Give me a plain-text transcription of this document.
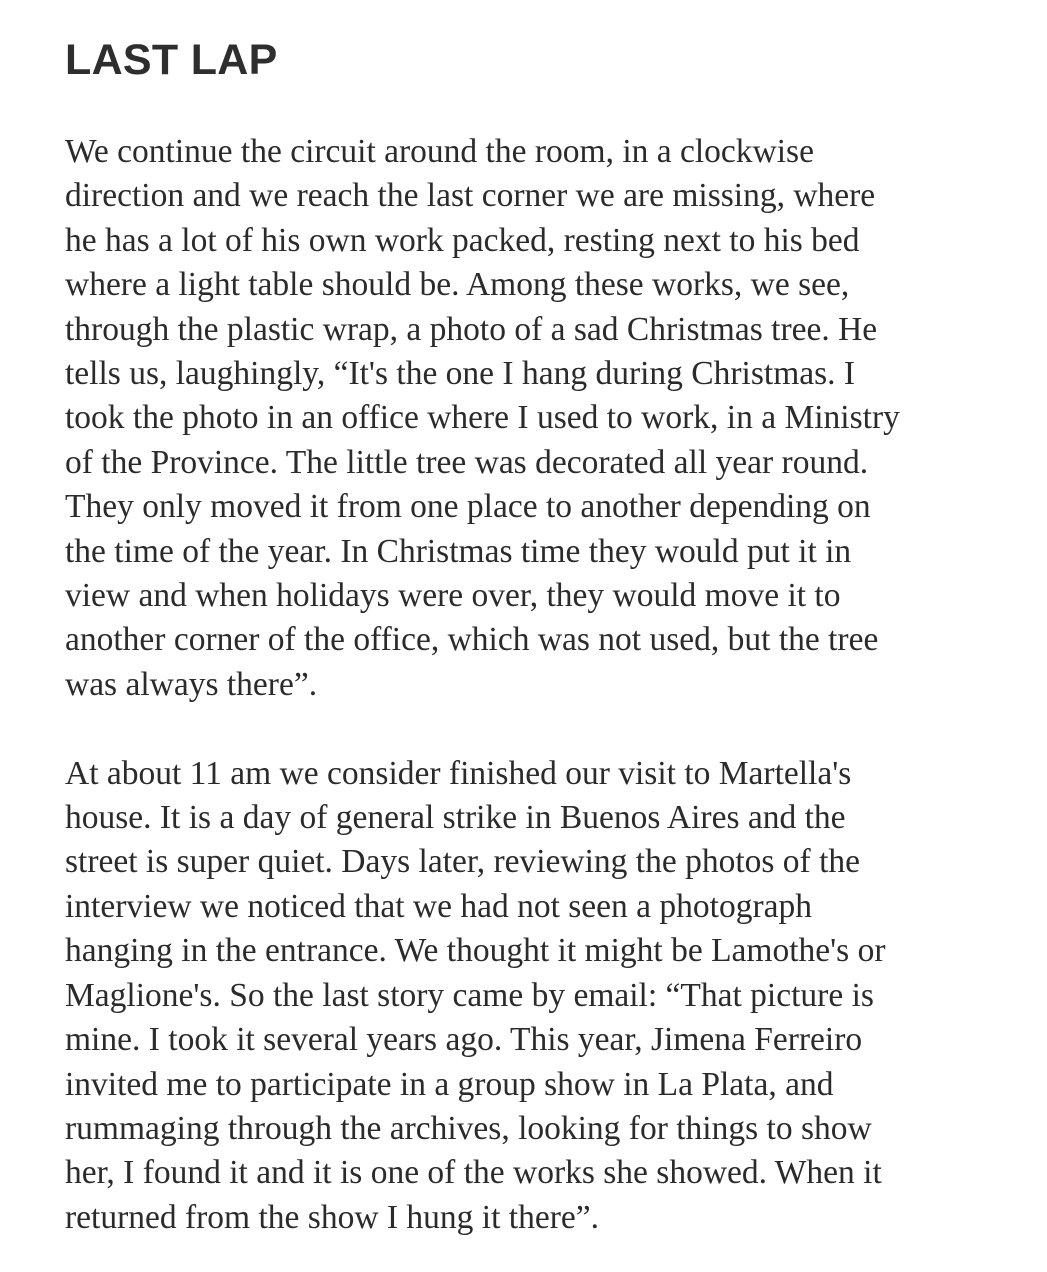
LAST LAP

We continue the circuit around the room, in a clockwise
direction and we reach the last corner we are missing, where
he has a lot of his own work packed, resting next to his bed
where a light table should be. Among these works, we see,
through the plastic wrap, a photo of a sad Christmas tree. He
tells us, laughingly, “It's the one I hang during Christmas. I
took the photo in an office where I used to work, in a Ministry
of the Province. The little tree was decorated all year round.
They only moved it from one place to another depending on
the time of the year. In Christmas time they would put it in
view and when holidays were over, they would move it to
another corner of the office, which was not used, but the tree
was always there”.

At about 11 am we consider finished our visit to Martella's
house. It is a day of general strike in Buenos Aires and the
street is super quiet. Days later, reviewing the photos of the
interview we noticed that we had not seen a photograph
hanging in the entrance. We thought it might be Lamothe's or
Maglione's. So the last story came by email: “That picture is
mine. I took it several years ago. This year, Jimena Ferreiro
invited me to participate in a group show in La Plata, and
rummaging through the archives, looking for things to show
her, I found it and it is one of the works she showed. When it
returned from the show I hung it there”.
